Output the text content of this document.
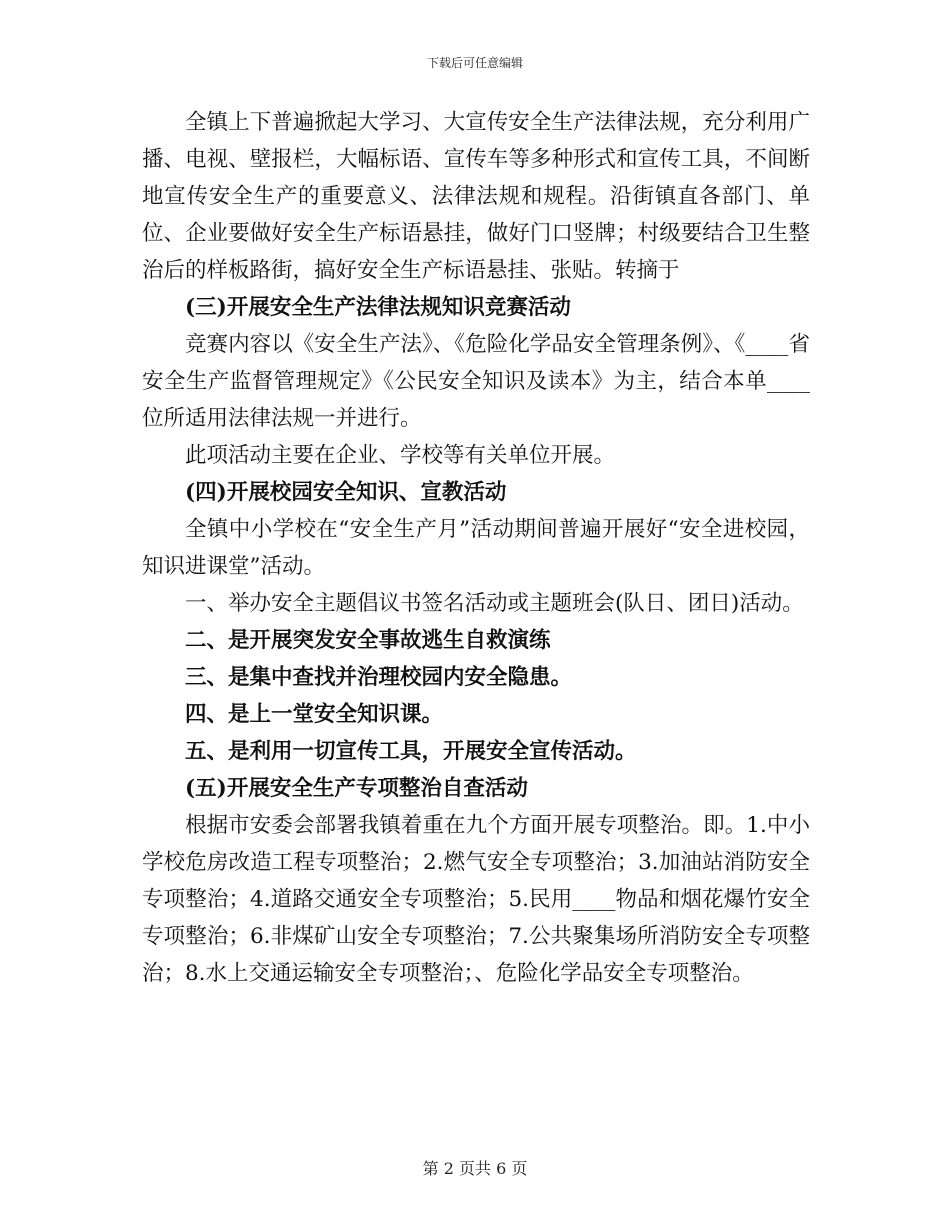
下载后可任意编辑

全镇上下普遍掀起大学习、大宣传安全生产法律法规，充分利用广播、电视、壁报栏，大幅标语、宣传车等多种形式和宣传工具，不间断地宣传安全生产的重要意义、法律法规和规程。沿街镇直各部门、单位、企业要做好安全生产标语悬挂，做好门口竖牌；村级要结合卫生整治后的样板路街，搞好安全生产标语悬挂、张贴。转摘于

(三)开展安全生产法律法规知识竞赛活动

竞赛内容以《安全生产法》、《危险化学品安全管理条例》、《____省安全生产监督管理规定》《公民安全知识及读本》为主，结合本单____位所适用法律法规一并进行。

此项活动主要在企业、学校等有关单位开展。

(四)开展校园安全知识、宣教活动

全镇中小学校在“安全生产月”活动期间普遍开展好“安全进校园，知识进课堂”活动。

一、举办安全主题倡议书签名活动或主题班会(队日、团日)活动。

二、是开展突发安全事故逃生自救演练

三、是集中查找并治理校园内安全隐患。

四、是上一堂安全知识课。

五、是利用一切宣传工具，开展安全宣传活动。

(五)开展安全生产专项整治自查活动

根据市安委会部署我镇着重在九个方面开展专项整治。即。1.中小学校危房改造工程专项整治；2.燃气安全专项整治；3.加油站消防安全专项整治；4.道路交通安全专项整治；5.民用____物品和烟花爆竹安全专项整治；6.非煤矿山安全专项整治；7.公共聚集场所消防安全专项整治；8.水上交通运输安全专项整治；、危险化学品安全专项整治。

第 2 页共 6 页
